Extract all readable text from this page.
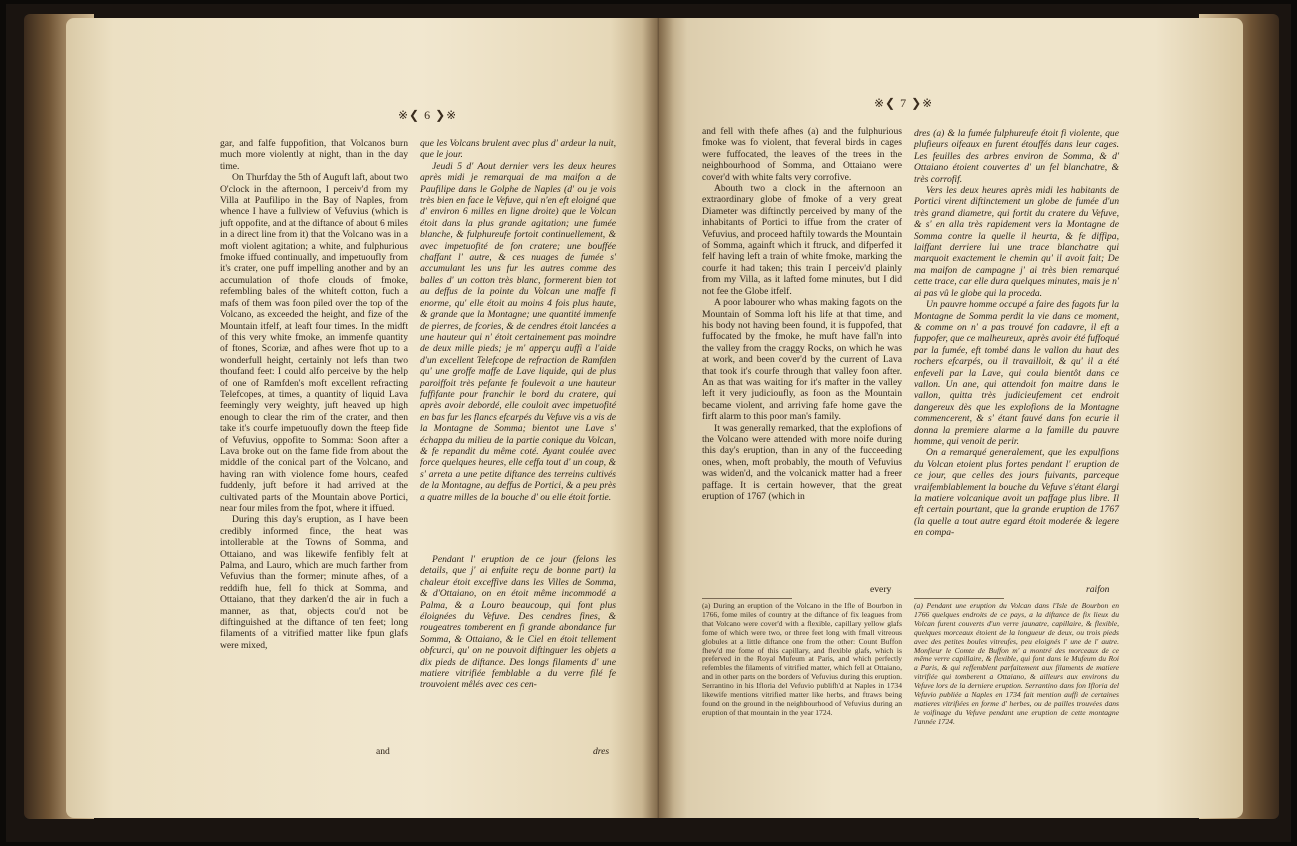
※❮ 6 ❯※

gar, and falfe fuppofition, that Volcanos burn much more violently at night, than in the day time.

On Thurfday the 5th of Auguft laft, about two O'clock in the afternoon, I perceiv'd from my Villa at Paufilipo in the Bay of Naples, from whence I have a fullview of Vefuvius (which is juft oppofite, and at the diftance of about 6 miles in a direct line from it) that the Volcano was in a moft violent agitation; a white, and fulphurious fmoke iffued continually, and impetuoufly from it's crater, one puff impelling another and by an accumulation of thofe clouds of fmoke, refembling bales of the whiteft cotton, fuch a mafs of them was foon piled over the top of the Volcano, as exceeded the height, and fize of the Mountain itfelf, at leaft four times. In the midft of this very white fmoke, an immenfe quantity of ftones, Scoriæ, and afhes were fhot up to a wonderfull height, certainly not lefs than two thoufand feet: I could alfo perceive by the help of one of Ramfden's moft excellent refracting Telefcopes, at times, a quantity of liquid Lava feemingly very weighty, juft heaved up high enough to clear the rim of the crater, and then take it's courfe impetuoufly down the fteep fide of Vefuvius, oppofite to Somma: Soon after a Lava broke out on the fame fide from about the middle of the conical part of the Volcano, and having ran with violence fome hours, ceafed fuddenly, juft before it had arrived at the cultivated parts of the Mountain above Portici, near four miles from the fpot, where it iffued.

During this day's eruption, as I have been credibly informed fince, the heat was intollerable at the Towns of Somma, and Ottaiano, and was likewife fenfibly felt at Palma, and Lauro, which are much farther from Vefuvius than the former; minute afhes, of a reddifh hue, fell fo thick at Somma, and Ottaiano, that they darken'd the air in fuch a manner, as that, objects cou'd not be diftinguished at the diftance of ten feet; long filaments of a vitrified matter like fpun glafs were mixed,

and

que les Volcans brulent avec plus d' ardeur la nuit, que le jour.

Jeudi 5 d' Aout dernier vers les deux heures après midi je remarquai de ma maifon a de Paufilipe dans le Golphe de Naples (d' ou je vois très bien en face le Vefuve, qui n'en eft eloigné que d' environ 6 milles en ligne droite) que le Volcan étoit dans la plus grande agitation; une fumée blanche, & fulphureufe fortoit continuellement, & avec impetuofité de fon cratere; une bouffée chaffant l' autre, & ces nuages de fumée s' accumulant les uns fur les autres comme des balles d' un cotton très blanc, formerent bien tot au deffus de la pointe du Volcan une maffe fi enorme, qu' elle étoit au moins 4 fois plus haute, & grande que la Montagne; une quantité immenfe de pierres, de fcories, & de cendres étoit lancées a une hauteur qui n' étoit certainement pas moindre de deux mille pieds; je m' apperçu auffi a l'aide d'un excellent Telefcope de refraction de Ramfden qu' une groffe maffe de Lave liquide, qui de plus paroiffoit très pefante fe foulevoit a une hauteur fuffifante pour franchir le bord du cratere, qui après avoir debordé, elle couloit avec impetuofité en bas fur les flancs efcarpés du Vefuve vis a vis de la Montagne de Somma; bientot une Lave s' échappa du milieu de la partie conique du Volcan, & fe repandit du même coté. Ayant coulée avec force quelques heures, elle ceffa tout d' un coup, & s' arreta a une petite diftance des terreins cultivés de la Montagne, au deffus de Portici, & a peu près a quatre milles de la bouche d' ou elle étoit fortie.

Pendant l' eruption de ce jour (felons les details, que j' ai enfuite reçu de bonne part) la chaleur étoit exceffive dans les Villes de Somma, & d'Ottaiano, on en étoit même incommodé a Palma, & a Louro beaucoup, qui font plus éloignées du Vefuve. Des cendres fines, & rougeatres tomberent en fi grande abondance fur Somma, & Ottaiano, & le Ciel en étoit tellement obfcurci, qu' on ne pouvoit diftinguer les objets a dix pieds de diftance. Des longs filaments d' une matiere vitrifiée femblable a du verre filé fe trouvoient mêlés avec ces cen-

dres
※❮ 7 ❯※

and fell with thefe afhes (a) and the fulphurious fmoke was fo violent, that feveral birds in cages were fuffocated, the leaves of the trees in the neighbourhood of Somma, and Ottaiano were cover'd with white falts very corrofive.

Abouth two a clock in the afternoon an extraordinary globe of fmoke of a very great Diameter was diftinctly perceived by many of the inhabitants of Portici to iffue from the crater of Vefuvius, and proceed haftily towards the Mountain of Somma, againft which it ftruck, and difperfed it felf having left a train of white fmoke, marking the courfe it had taken; this train I perceiv'd plainly from my Villa, as it lafted fome minutes, but I did not fee the Globe itfelf.

A poor labourer who whas making fagots on the Mountain of Somma loft his life at that time, and his body not having been found, it is fuppofed, that fuffocated by the fmoke, he muft have fall'n into the valley from the craggy Rocks, on which he was at work, and been cover'd by the current of Lava that took it's courfe through that valley foon after. An as that was waiting for it's mafter in the valley left it very judicioufly, as foon as the Mountain became violent, and arriving fafe home gave the firft alarm to this poor man's family.

It was generally remarked, that the explofions of the Volcano were attended with more noife during this day's eruption, than in any of the fucceeding ones, when, moft probably, the mouth of Vefuvius was widen'd, and the volcanick matter had a freer paffage. It is certain however, that the great eruption of 1767 (which in

every
(a) During an eruption of the Volcano in the Ifle of Bourbon in 1766, fome miles of country at the diftance of fix leagues from that Volcano were cover'd with a flexible, capillary yellow glafs fome of which were two, or three feet long with fmall vitreous globules at a little diftance one from the other: Count Buffon fhew'd me fome of this capillary, and flexible glafs, which is preferved in the Royal Mufeum at Paris, and which perfectly refembles the filaments of vitrified matter, which fell at Ottaiano, and in other parts on the borders of Vefuvius during this eruption. Serrantino in his Ifloria del Vefuvio publifh'd at Naples in 1734 likewife mentions vitrified matter like herbs, and ftraws being found on the ground in the neighbourhood of Vefuvius during an eruption of that mountain in the year 1724.

dres (a) & la fumée fulphureufe étoit fi violente, que plufieurs oifeaux en furent étouffés dans leur cages. Les feuilles des arbres environ de Somma, & d' Ottaiano étoient couvertes d' un fel blanchatre, & très corrofif.

Vers les deux heures après midi les habitants de Portici virent diftinctement un globe de fumée d'un très grand diametre, qui fortit du cratere du Vefuve, & s' en alla très rapidement vers la Montagne de Somma contre la quelle il heurta, & fe diffipa, laiffant derriere lui une trace blanchatre qui marquoit exactement le chemin qu' il avoit fait; De ma maifon de campagne j' ai très bien remarqué cette trace, car elle dura quelques minutes, mais je n' ai pas vû le globe qui la proceda.

Un pauvre homme occupé a faire des fagots fur la Montagne de Somma perdit la vie dans ce moment, & comme on n' a pas trouvé fon cadavre, il eft a fuppofer, que ce malheureux, après avoir été fuffoqué par la fumée, eft tombé dans le vallon du haut des rochers efcarpés, ou il travailloit, & qu' il a été enfeveli par la Lave, qui coula bientôt dans ce vallon. Un ane, qui attendoit fon maitre dans le vallon, quitta très judicieufement cet endroit dangereux dès que les explofions de la Montagne commencerent, & s' étant fauvé dans fon ecurie il donna la premiere alarme a la famille du pauvre homme, qui venoit de perir.

On a remarqué generalement, que les expulfions du Volcan etoient plus fortes pendant l' eruption de ce jour, que celles des jours fuivants, parceque vraifemblablement la bouche du Vefuve s'étant élargi la matiere volcanique avoit un paffage plus libre. Il eft certain pourtant, que la grande eruption de 1767 (la quelle a tout autre egard étoit moderée & legere en compa-

raifon
(a) Pendant une eruption du Volcan dans l'Isle de Bourbon en 1766 quelques endroits de ce pays, a la diftance de fix lieux du Volcan furent couverts d'un verre jaunatre, capillaire, & flexible, quelques morceaux étoient de la longueur de deux, ou trois pieds avec des petites boules vitreufes, peu eloignés l' une de l' autre. Monfieur le Comte de Buffon m' a montré des morceaux de ce même verre capillaire, & flexible, qui font dans le Mufeum du Roi a Paris, & qui reffemblent parfaitement aux filaments de matiere vitrifiée qui tomberent a Ottaiano, & ailleurs aux environs du Vefuve lors de la derniere eruption. Serrantino dans fon Ifloria del Vefuvio publiée a Naples en 1734 fait mention auffi de certaines matieres vitrifiées en forme d' herbes, ou de pailles trouvées dans le voifinage du Vefuve pendant une eruption de cette montagne l'année 1724.
